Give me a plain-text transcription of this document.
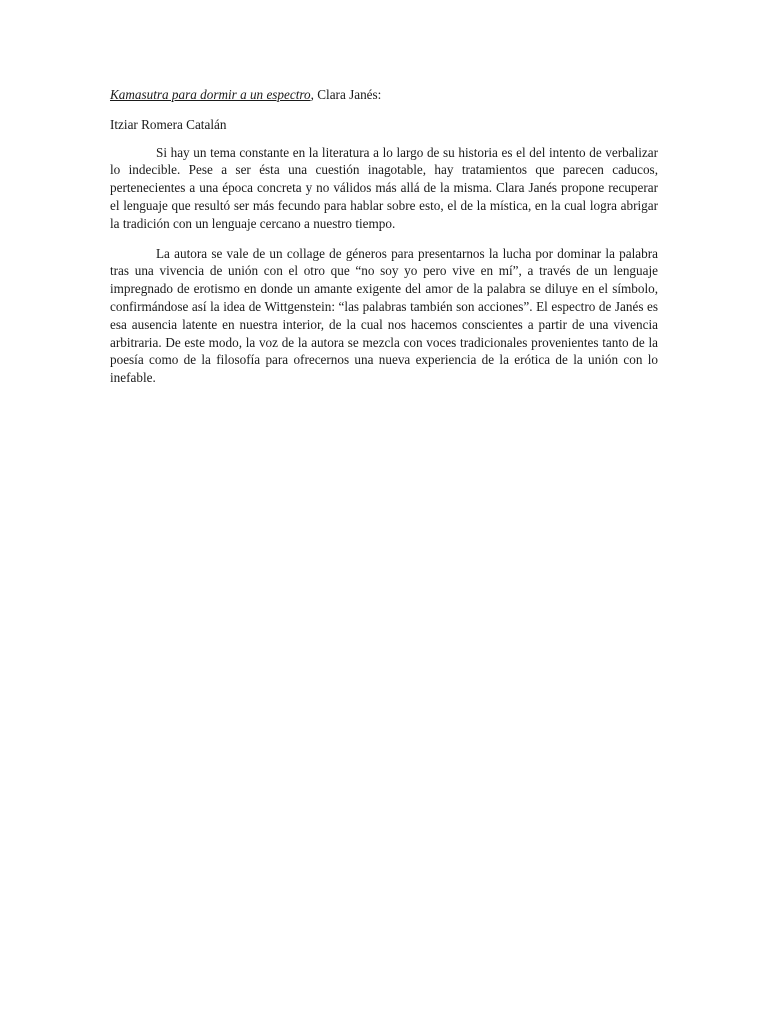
Kamasutra para dormir a un espectro, Clara Janés:

Itziar Romera Catalán

Si hay un tema constante en la literatura a lo largo de su historia es el del intento de verbalizar lo indecible. Pese a ser ésta una cuestión inagotable, hay tratamientos que parecen caducos, pertenecientes a una época concreta y no válidos más allá de la misma. Clara Janés propone recuperar el lenguaje que resultó ser más fecundo para hablar sobre esto, el de la mística, en la cual logra abrigar la tradición con un lenguaje cercano a nuestro tiempo.

La autora se vale de un collage de géneros para presentarnos la lucha por dominar la palabra tras una vivencia de unión con el otro que “no soy yo pero vive en mí”, a través de un lenguaje impregnado de erotismo en donde un amante exigente del amor de la palabra se diluye en el símbolo, confirmándose así la idea de Wittgenstein: “las palabras también son acciones”. El espectro de Janés es esa ausencia latente en nuestra interior, de la cual nos hacemos conscientes a partir de una vivencia arbitraria. De este modo, la voz de la autora se mezcla con voces tradicionales provenientes tanto de la poesía como de la filosofía para ofrecernos una nueva experiencia de la erótica de la unión con lo inefable.
